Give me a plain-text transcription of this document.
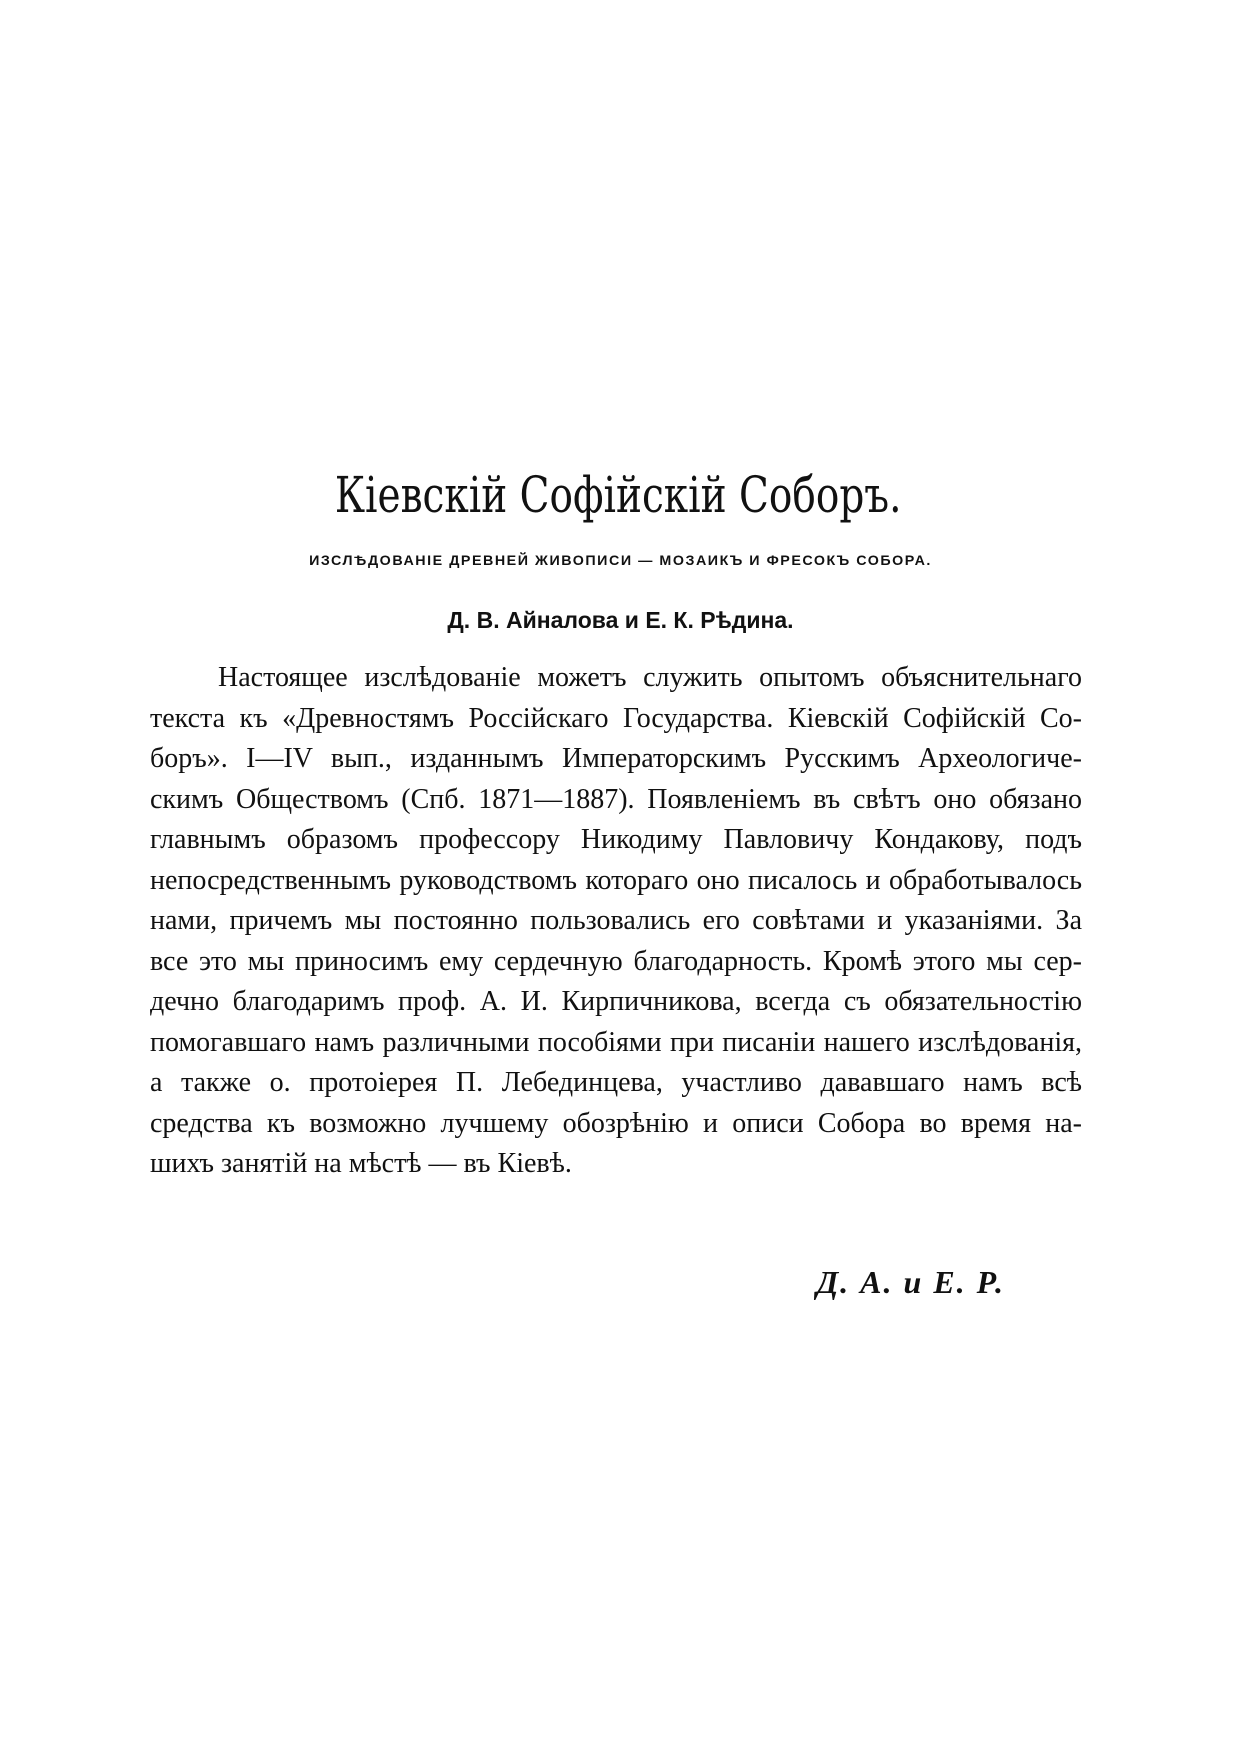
Кіевскій Софійскій Соборъ.
ИЗСЛѢДОВАНІЕ ДРЕВНЕЙ ЖИВОПИСИ — МОЗАИКЪ И ФРЕСОКЪ СОБОРА.
Д. В. Айналова и Е. К. Рѣдина.
Настоящее изслѣдованіе можетъ служить опытомъ объяснительнаго
текста къ «Древностямъ Россійскаго Государства. Кіевскій Софійскій Со-
боръ». I—IV вып., изданнымъ Императорскимъ Русскимъ Археологиче-
скимъ Обществомъ (Спб. 1871—1887). Появленіемъ въ свѣтъ оно обязано
главнымъ образомъ профессору Никодиму Павловичу Кондакову, подъ
непосредственнымъ руководствомъ котораго оно писалось и обработывалось
нами, причемъ мы постоянно пользовались его совѣтами и указаніями. За
все это мы приносимъ ему сердечную благодарность. Кромѣ этого мы сер-
дечно благодаримъ проф. А. И. Кирпичникова, всегда съ обязательностію
помогавшаго намъ различными пособіями при писаніи нашего изслѣдованія,
а также о. протоіерея П. Лебединцева, участливо дававшаго намъ всѣ
средства къ возможно лучшему обозрѣнію и описи Собора во время на-
шихъ занятій на мѣстѣ — въ Кіевѣ.
Д. А. и Е. Р.
